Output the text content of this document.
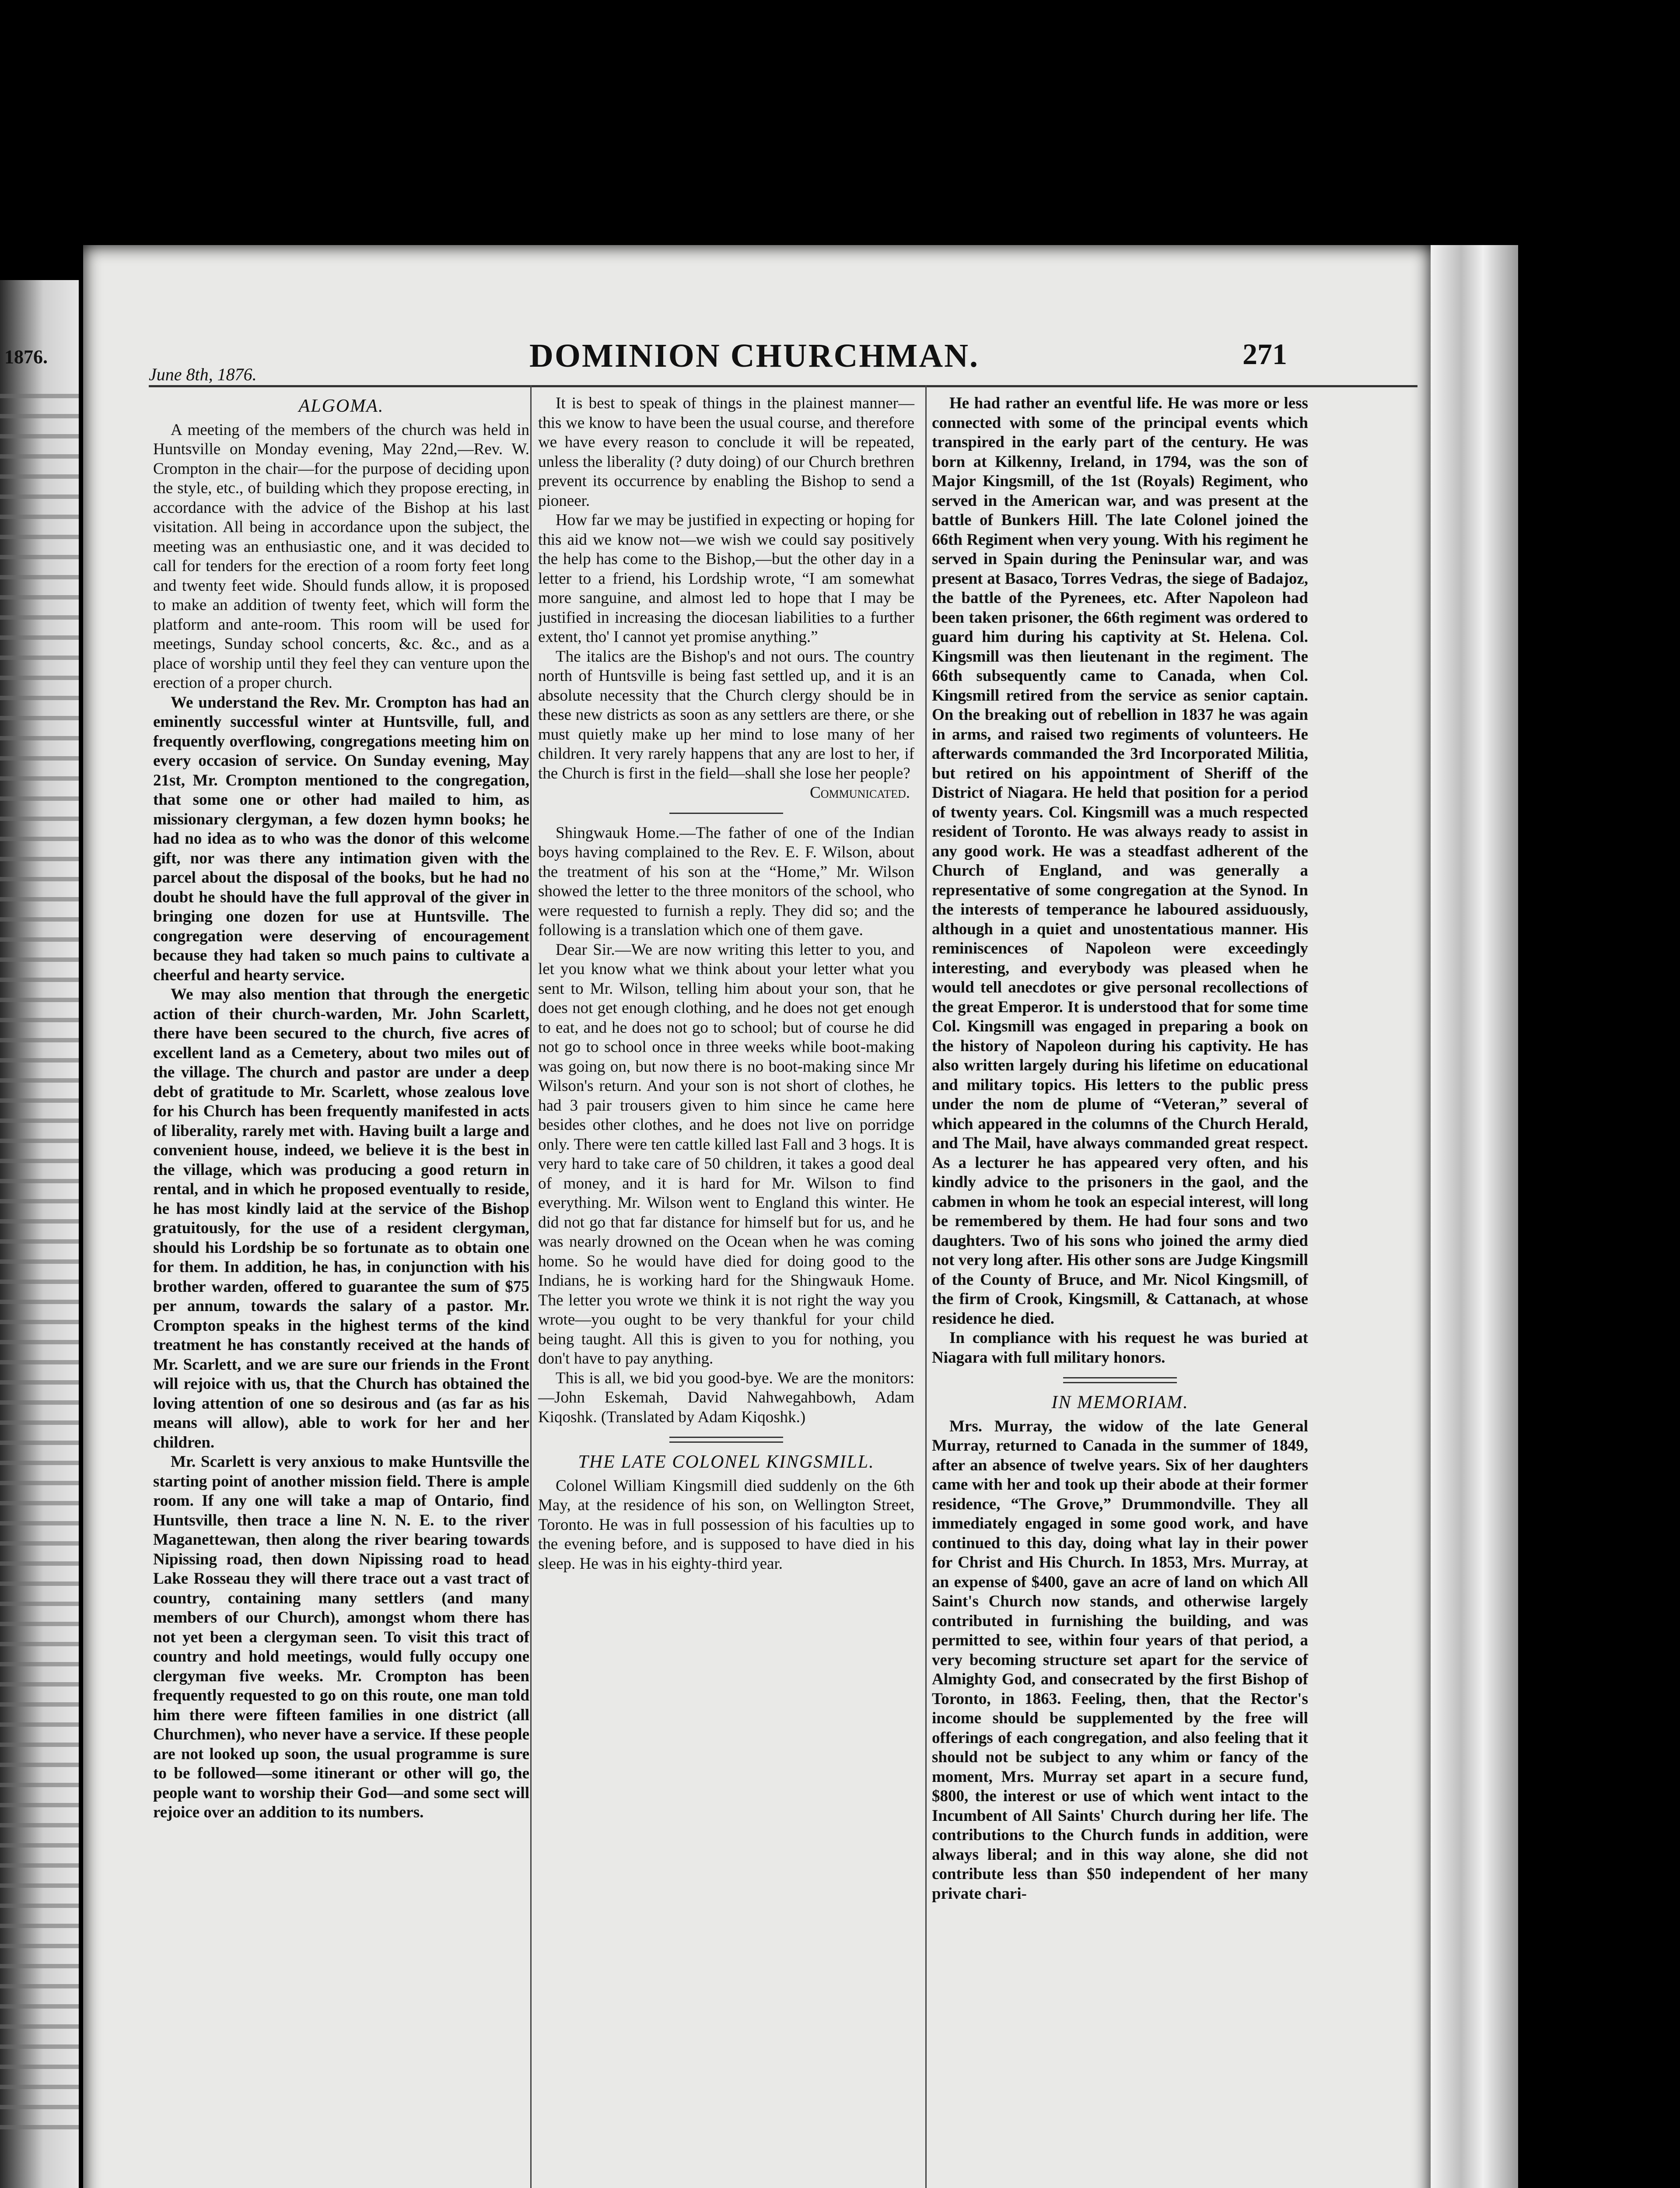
1876.	DOMINION CHURCHMAN.	271
June 8th, 1876.
ALGOMA.

A meeting of the members of the church was held in Huntsville on Monday evening, May 22nd,—Rev. W. Crompton in the chair—for the purpose of deciding upon the style, etc., of building which they propose erecting, in accordance with the advice of the Bishop at his last visitation. All being in accordance upon the subject, the meeting was an enthusiastic one, and it was decided to call for tenders for the erection of a room forty feet long and twenty feet wide. Should funds allow, it is proposed to make an addition of twenty feet, which will form the platform and ante-room. This room will be used for meetings, Sunday school concerts, &c. &c., and as a place of worship until they feel they can venture upon the erection of a proper church.

We understand the Rev. Mr. Crompton has had an eminently successful winter at Huntsville, full, and frequently overflowing, congregations meeting him on every occasion of service. On Sunday evening, May 21st, Mr. Crompton mentioned to the congregation, that some one or other had mailed to him, as missionary clergyman, a few dozen hymn books; he had no idea as to who was the donor of this welcome gift, nor was there any intimation given with the parcel about the disposal of the books, but he had no doubt he should have the full approval of the giver in bringing one dozen for use at Huntsville. The congregation were deserving of encouragement because they had taken so much pains to cultivate a cheerful and hearty service.

We may also mention that through the energetic action of their church-warden, Mr. John Scarlett, there have been secured to the church, five acres of excellent land as a Cemetery, about two miles out of the village. The church and pastor are under a deep debt of gratitude to Mr. Scarlett, whose zealous love for his Church has been frequently manifested in acts of liberality, rarely met with. Having built a large and convenient house, indeed, we believe it is the best in the village, which was producing a good return in rental, and in which he proposed eventually to reside, he has most kindly laid at the service of the Bishop gratuitously, for the use of a resident clergyman, should his Lordship be so fortunate as to obtain one for them. In addition, he has, in conjunction with his brother warden, offered to guarantee the sum of $75 per annum, towards the salary of a pastor. Mr. Crompton speaks in the highest terms of the kind treatment he has constantly received at the hands of Mr. Scarlett, and we are sure our friends in the Front will rejoice with us, that the Church has obtained the loving attention of one so desirous and (as far as his means will allow), able to work for her and her children.

Mr. Scarlett is very anxious to make Huntsville the starting point of another mission field. There is ample room. If any one will take a map of Ontario, find Huntsville, then trace a line N. N. E. to the river Maganettewan, then along the river bearing towards Nipissing road, then down Nipissing road to head Lake Rosseau they will there trace out a vast tract of country, containing many settlers (and many members of our Church), amongst whom there has not yet been a clergyman seen. To visit this tract of country and hold meetings, would fully occupy one clergyman five weeks. Mr. Crompton has been frequently requested to go on this route, one man told him there were fifteen families in one district (all Churchmen), who never have a service. If these people are not looked up soon, the usual programme is sure to be followed—some itinerant or other will go, the people want to worship their God—and some sect will rejoice over an addition to its numbers.

It is best to speak of things in the plainest manner—this we know to have been the usual course, and therefore we have every reason to conclude it will be repeated, unless the liberality (? duty doing) of our Church brethren prevent its occurrence by enabling the Bishop to send a pioneer.

How far we may be justified in expecting or hoping for this aid we know not—we wish we could say positively the help has come to the Bishop,—but the other day in a letter to a friend, his Lordship wrote, “I am somewhat more sanguine, and almost led to hope that I may be justified in increasing the diocesan liabilities to a further extent, tho' I cannot yet promise anything.”

The italics are the Bishop's and not ours. The country north of Huntsville is being fast settled up, and it is an absolute necessity that the Church clergy should be in these new districts as soon as any settlers are there, or she must quietly make up her mind to lose many of her children. It very rarely happens that any are lost to her, if the Church is first in the field—shall she lose her people?

Communicated.

Shingwauk Home.—The father of one of the Indian boys having complained to the Rev. E. F. Wilson, about the treatment of his son at the “Home,” Mr. Wilson showed the letter to the three monitors of the school, who were requested to furnish a reply. They did so; and the following is a translation which one of them gave.

Dear Sir.—We are now writing this letter to you, and let you know what we think about your letter what you sent to Mr. Wilson, telling him about your son, that he does not get enough clothing, and he does not get enough to eat, and he does not go to school; but of course he did not go to school once in three weeks while boot-making was going on, but now there is no boot-making since Mr Wilson's return. And your son is not short of clothes, he had 3 pair trousers given to him since he came here besides other clothes, and he does not live on porridge only. There were ten cattle killed last Fall and 3 hogs. It is very hard to take care of 50 children, it takes a good deal of money, and it is hard for Mr. Wilson to find everything. Mr. Wilson went to England this winter. He did not go that far distance for himself but for us, and he was nearly drowned on the Ocean when he was coming home. So he would have died for doing good to the Indians, he is working hard for the Shingwauk Home. The letter you wrote we think it is not right the way you wrote—you ought to be very thankful for your child being taught. All this is given to you for nothing, you don't have to pay anything.

This is all, we bid you good-bye. We are the monitors:—John Eskemah, David Nahwegahbowh, Adam Kiqoshk. (Translated by Adam Kiqoshk.)

THE LATE COLONEL KINGSMILL.

Colonel William Kingsmill died suddenly on the 6th May, at the residence of his son, on Wellington Street, Toronto. He was in full possession of his faculties up to the evening before, and is supposed to have died in his sleep. He was in his eighty-third year.

He had rather an eventful life. He was more or less connected with some of the principal events which transpired in the early part of the century. He was born at Kilkenny, Ireland, in 1794, was the son of Major Kingsmill, of the 1st (Royals) Regiment, who served in the American war, and was present at the battle of Bunkers Hill. The late Colonel joined the 66th Regiment when very young. With his regiment he served in Spain during the Peninsular war, and was present at Basaco, Torres Vedras, the siege of Badajoz, the battle of the Pyrenees, etc. After Napoleon had been taken prisoner, the 66th regiment was ordered to guard him during his captivity at St. Helena. Col. Kingsmill was then lieutenant in the regiment. The 66th subsequently came to Canada, when Col. Kingsmill retired from the service as senior captain. On the breaking out of rebellion in 1837 he was again in arms, and raised two regiments of volunteers. He afterwards commanded the 3rd Incorporated Militia, but retired on his appointment of Sheriff of the District of Niagara. He held that position for a period of twenty years. Col. Kingsmill was a much respected resident of Toronto. He was always ready to assist in any good work. He was a steadfast adherent of the Church of England, and was generally a representative of some congregation at the Synod. In the interests of temperance he laboured assiduously, although in a quiet and unostentatious manner. His reminiscences of Napoleon were exceedingly interesting, and everybody was pleased when he would tell anecdotes or give personal recollections of the great Emperor. It is understood that for some time Col. Kingsmill was engaged in preparing a book on the history of Napoleon during his captivity. He has also written largely during his lifetime on educational and military topics. His letters to the public press under the nom de plume of “Veteran,” several of which appeared in the columns of the Church Herald, and The Mail, have always commanded great respect. As a lecturer he has appeared very often, and his kindly advice to the prisoners in the gaol, and the cabmen in whom he took an especial interest, will long be remembered by them. He had four sons and two daughters. Two of his sons who joined the army died not very long after. His other sons are Judge Kingsmill of the County of Bruce, and Mr. Nicol Kingsmill, of the firm of Crook, Kingsmill, & Cattanach, at whose residence he died.

In compliance with his request he was buried at Niagara with full military honors.

IN MEMORIAM.

Mrs. Murray, the widow of the late General Murray, returned to Canada in the summer of 1849, after an absence of twelve years. Six of her daughters came with her and took up their abode at their former residence, “The Grove,” Drummondville. They all immediately engaged in some good work, and have continued to this day, doing what lay in their power for Christ and His Church. In 1853, Mrs. Murray, at an expense of $400, gave an acre of land on which All Saint's Church now stands, and otherwise largely contributed in furnishing the building, and was permitted to see, within four years of that period, a very becoming structure set apart for the service of Almighty God, and consecrated by the first Bishop of Toronto, in 1863. Feeling, then, that the Rector's income should be supplemented by the free will offerings of each congregation, and also feeling that it should not be subject to any whim or fancy of the moment, Mrs. Murray set apart in a secure fund, $800, the interest or use of which went intact to the Incumbent of All Saints' Church during her life. The contributions to the Church funds in addition, were always liberal; and in this way alone, she did not contribute less than $50 independent of her many private chari-
